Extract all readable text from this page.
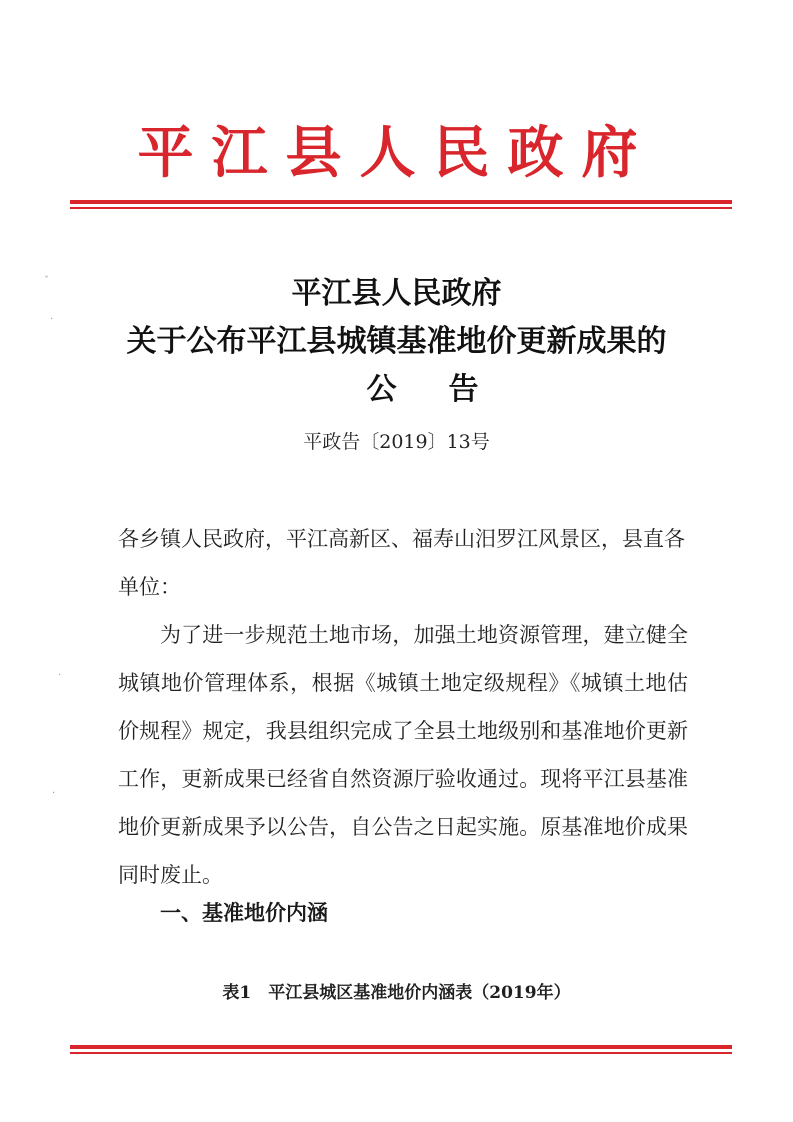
平江县人民政府
平江县人民政府
关于公布平江县城镇基准地价更新成果的
公告
平政告〔2019〕13号

各乡镇人民政府，平江高新区、福寿山汨罗江风景区，县直各

单位：

为了进一步规范土地市场，加强土地资源管理，建立健全城镇地价管理体系，根据《城镇土地定级规程》《城镇土地估价规程》规定，我县组织完成了全县土地级别和基准地价更新工作，更新成果已经省自然资源厅验收通过。现将平江县基准地价更新成果予以公告，自公告之日起实施。原基准地价成果同时废止。

一、基准地价内涵
表1　平江县城区基准地价内涵表（2019年）
ˇ
·
·
·
